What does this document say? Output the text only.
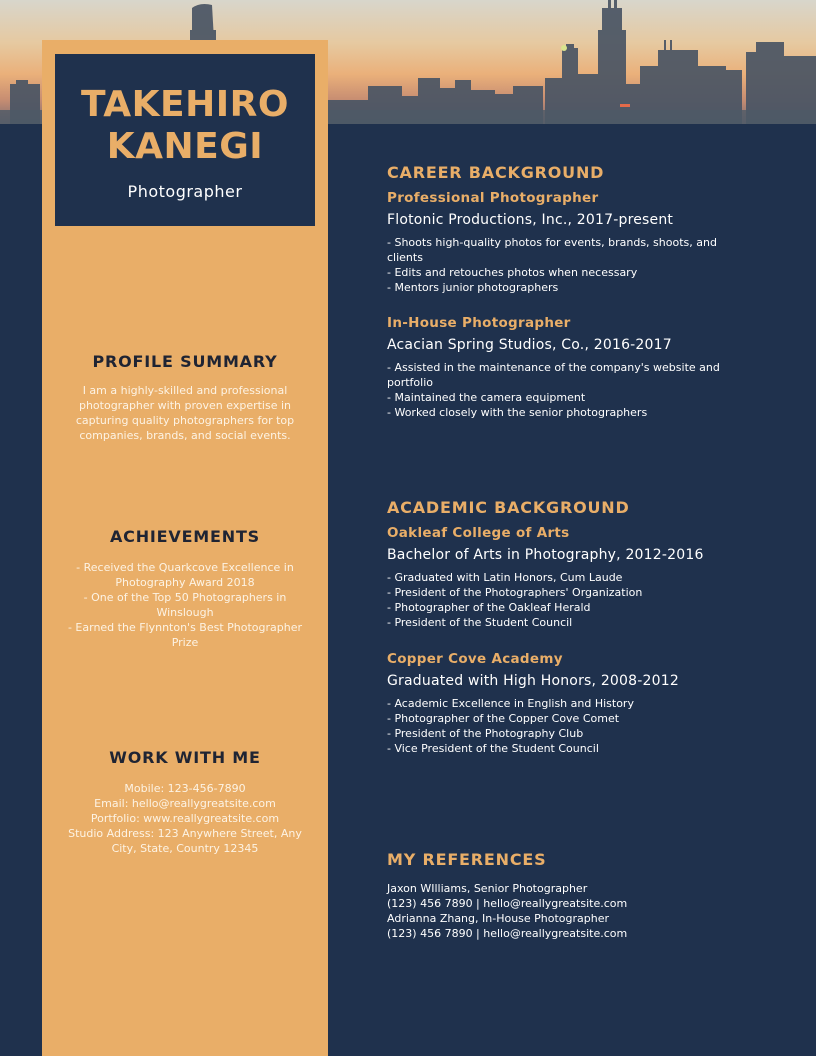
TAKEHIRO
KANEGI
Photographer
PROFILE SUMMARY
I am a highly-skilled and professional
photographer with proven expertise in
capturing quality photographers for top
companies, brands, and social events.
ACHIEVEMENTS
- Received the Quarkcove Excellence in
Photography Award 2018
- One of the Top 50 Photographers in
Winslough
- Earned the Flynnton's Best Photographer
Prize
WORK WITH ME
Mobile: 123-456-7890
Email: hello@reallygreatsite.com
Portfolio: www.reallygreatsite.com
Studio Address: 123 Anywhere Street, Any
City, State, Country 12345
CAREER BACKGROUND
Professional Photographer
Flotonic Productions, Inc., 2017-present
- Shoots high-quality photos for events, brands, shoots, and
clients
- Edits and retouches photos when necessary
- Mentors junior photographers
In-House Photographer
Acacian Spring Studios, Co., 2016-2017
- Assisted in the maintenance of the company's website and
portfolio
- Maintained the camera equipment
- Worked closely with the senior photographers
ACADEMIC BACKGROUND
Oakleaf College of Arts
Bachelor of Arts in Photography, 2012-2016
- Graduated with Latin Honors, Cum Laude
- President of the Photographers' Organization
- Photographer of the Oakleaf Herald
- President of the Student Council
Copper Cove Academy
Graduated with High Honors, 2008-2012
- Academic Excellence in English and History
- Photographer of the Copper Cove Comet
- President of the Photography Club
- Vice President of the Student Council
MY REFERENCES
Jaxon WIlliams, Senior Photographer
(123) 456 7890 | hello@reallygreatsite.com
Adrianna Zhang, In-House Photographer
(123) 456 7890 | hello@reallygreatsite.com
